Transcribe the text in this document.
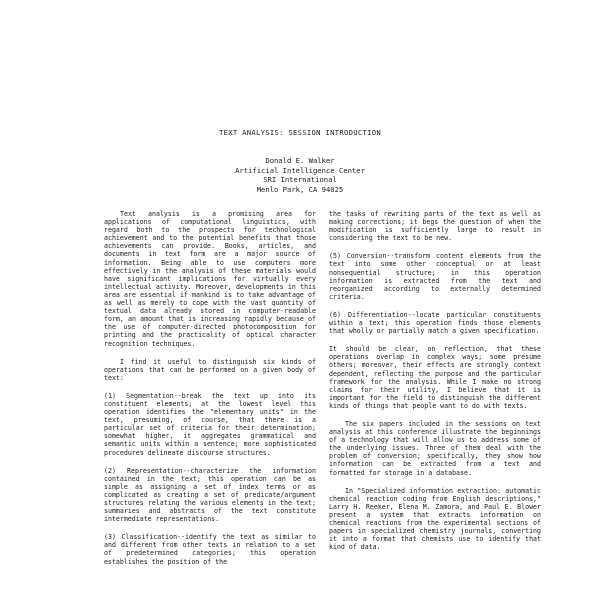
TEXT ANALYSIS: SESSION INTRODUCTION
Donald E. Walker
Artificial Intelligence Center
SRI International
Menlo Park, CA 94025

Text analysis is a promising area for applications of computational linguistics, with regard both to the prospects for technological achievement and to the potential benefits that those achievements can provide. Books, articles, and documents in text form are a major source of information. Being able to use computers more effectively in the analysis of these materials would have significant implications for virtually every intellectual activity. Moreover, developments in this area are essential if mankind is to take advantage of as well as merely to cope with the vast quantity of textual data already stored in computer-readable form, an amount that is increasing rapidly because of the use of computer-directed photocomposition for printing and the practicality of optical character recognition techniques.

I find it useful to distinguish six kinds of operations that can be performed on a given body of text:

(1) Segmentation--break the text up into its constituent elements; at the lowest level this operation identifies the "elementary units" in the text, presuming, of course, that there is a particular set of criteria for their determination; somewhat higher, it aggregates grammatical and semantic units within a sentence; more sophisticated procedures delineate discourse structures.

(2) Representation--characterize the information contained in the text; this operation can be as simple as assigning a set of index terms or as complicated as creating a set of predicate/argument structures relating the various elements in the text; summaries and abstracts of the text constitute intermediate representations.

(3) Classification--identify the text as similar to and different from other texts in relation to a set of predetermined categories; this operation establishes the position of the

the tasks of rewriting parts of the text as well as making corrections; it begs the question of when the modification is sufficiently large to result in considering the text to be new.

(5) Conversion--transform content elements from the text into some other conceptual or at least nonsequential structure; in this operation information is extracted from the text and reorganized according to externally determined criteria.

(6) Differentiation--locate particular constituents within a text; this operation finds those elements that wholly or partially match a given specification.

It should be clear, on reflection, that these operations overlap in complex ways; some presume others; moreover, their effects are strongly context dependent, reflecting the purpose and the particular framework for the analysis. While I make no strong claims for their utility, I believe that it is important for the field to distinguish the different kinds of things that people want to do with texts.

The six papers included in the sessions on text analysis at this conference illustrate the beginnings of a technology that will allow us to address some of the underlying issues. Three of them deal with the problem of conversion; specifically, they show how information can be extracted from a text and formatted for storage in a database.

In "Specialized information extraction: automatic chemical reaction coding from English descriptions," Larry H. Reeker, Elena M. Zamora, and Paul E. Blower present a system that extracts information on chemical reactions from the experimental sections of papers in specialized chemistry journals, converting it into a format that chemists use to identify that kind of data.
